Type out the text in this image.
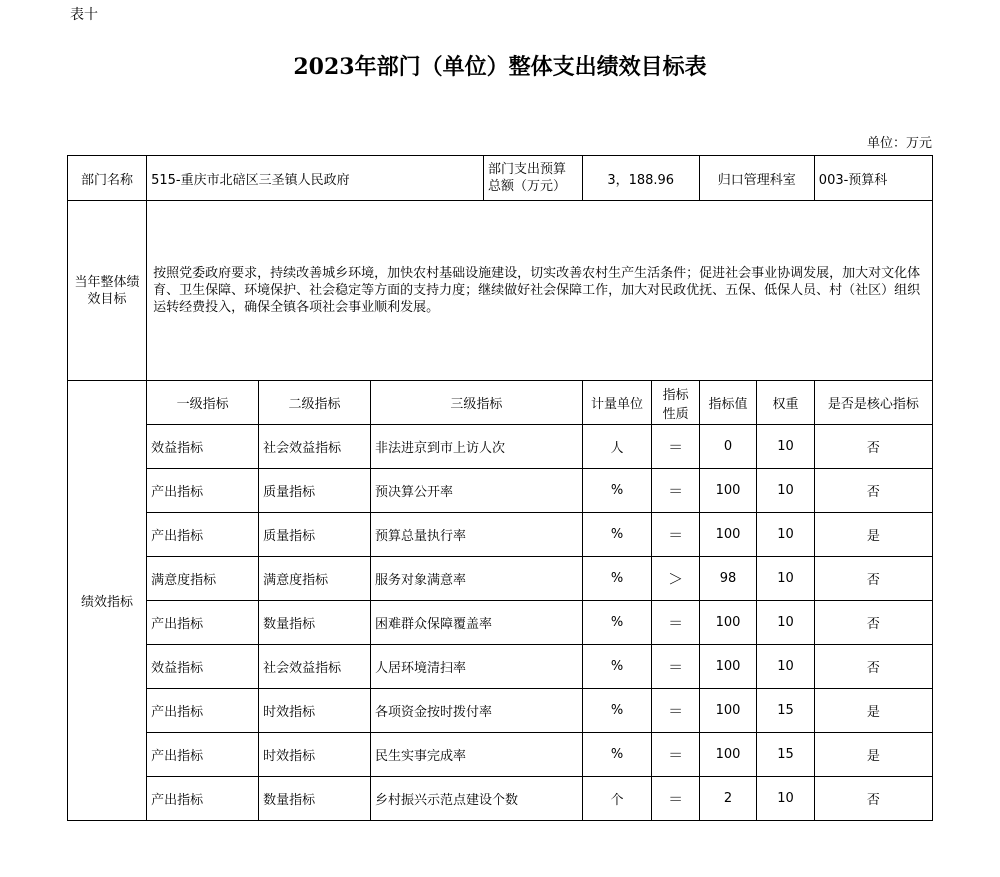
表十
2023年部门（单位）整体支出绩效目标表
单位：万元
部门名称	515-重庆市北碚区三圣镇人民政府			部门支出预算总额（万元）	3，188.96		归口管理科室		003-预算科

当年整体绩效目标	按照党委政府要求，持续改善城乡环境，加快农村基础设施建设，切实改善农村生产生活条件；促进社会事业协调发展，加大对文化体育、卫生保障、环境保护、社会稳定等方面的支持力度；继续做好社会保障工作，加大对民政优抚、五保、低保人员、村（社区）组织运转经费投入，确保全镇各项社会事业顺利发展。								
绩效指标	一级指标	二级指标	三级指标		计量单位	指标性质	指标值	权重	是否是核心指标
	效益指标	社会效益指标	非法进京到市上访人次		人	＝	0	10	否
	产出指标	质量指标	预决算公开率		%	＝	100	10	否
	产出指标	质量指标	预算总量执行率		%	＝	100	10	是
	满意度指标	满意度指标	服务对象满意率		%	＞	98	10	否
	产出指标	数量指标	困难群众保障覆盖率		%	＝	100	10	否
	效益指标	社会效益指标	人居环境清扫率		%	＝	100	10	否
	产出指标	时效指标	各项资金按时拨付率		%	＝	100	15	是
	产出指标	时效指标	民生实事完成率		%	＝	100	15	是
	产出指标	数量指标	乡村振兴示范点建设个数		个	＝	2	10	否
